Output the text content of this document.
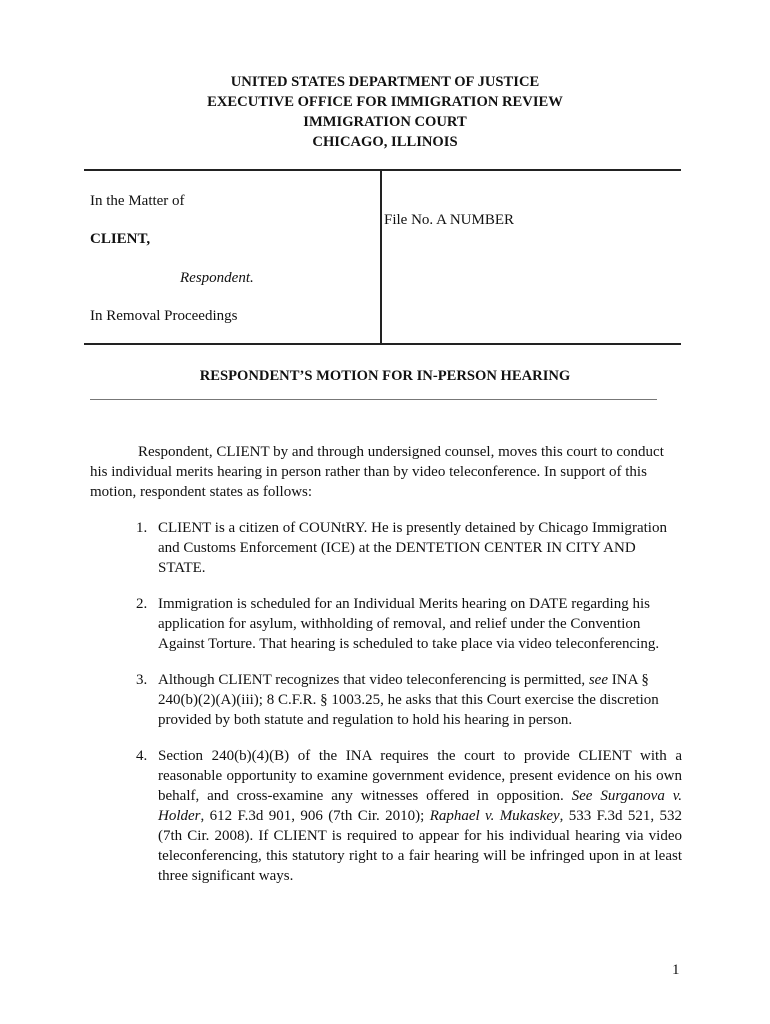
UNITED STATES DEPARTMENT OF JUSTICE
EXECUTIVE OFFICE FOR IMMIGRATION REVIEW
IMMIGRATION COURT
CHICAGO, ILLINOIS
In the Matter of
CLIENT,
Respondent.
In Removal Proceedings
File No. A NUMBER
RESPONDENT’S MOTION FOR IN-PERSON HEARING

Respondent, CLIENT by and through undersigned counsel, moves this court to conduct his individual merits hearing in person rather than by video teleconference. In support of this motion, respondent states as follows:

1. CLIENT is a citizen of COUNtRY. He is presently detained by Chicago Immigration and Customs Enforcement (ICE) at the DENTETION CENTER IN CITY AND STATE.

2. Immigration is scheduled for an Individual Merits hearing on DATE regarding his application for asylum, withholding of removal, and relief under the Convention Against Torture. That hearing is scheduled to take place via video teleconferencing.

3. Although CLIENT recognizes that video teleconferencing is permitted, see INA § 240(b)(2)(A)(iii); 8 C.F.R. § 1003.25, he asks that this Court exercise the discretion provided by both statute and regulation to hold his hearing in person.

4. Section 240(b)(4)(B) of the INA requires the court to provide CLIENT with a reasonable opportunity to examine government evidence, present evidence on his own behalf, and cross-examine any witnesses offered in opposition. See Surganova v. Holder, 612 F.3d 901, 906 (7th Cir. 2010); Raphael v. Mukaskey, 533 F.3d 521, 532 (7th Cir. 2008). If CLIENT is required to appear for his individual hearing via video teleconferencing, this statutory right to a fair hearing will be infringed upon in at least three significant ways.

1
